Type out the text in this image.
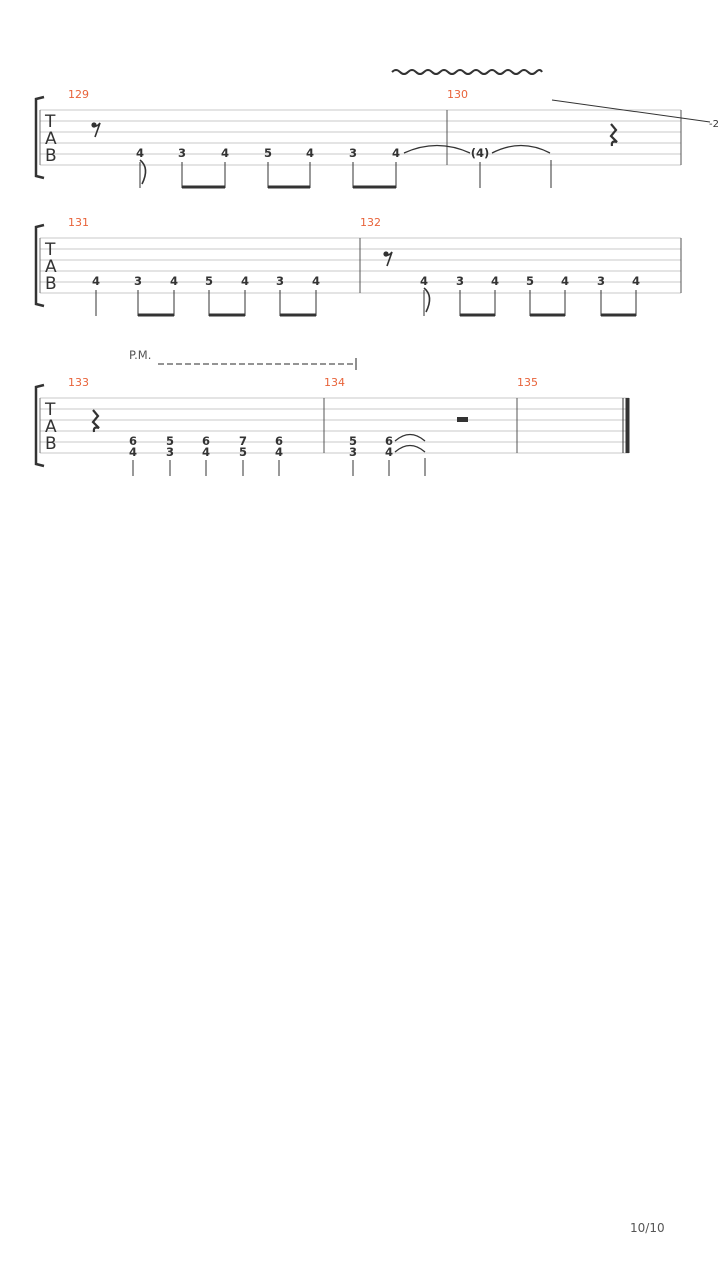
T
A
B
129	130
4	3	4	5	4	3	4	(4)
-2
T
A
B
131	132
4	3 4 5 4 3 4	4 3 4 5 4 3 4
P.M.
T
A
B
133	134	135
6
4
5
3
6
4
7
5
6
4
5
3
6
4
10/10
